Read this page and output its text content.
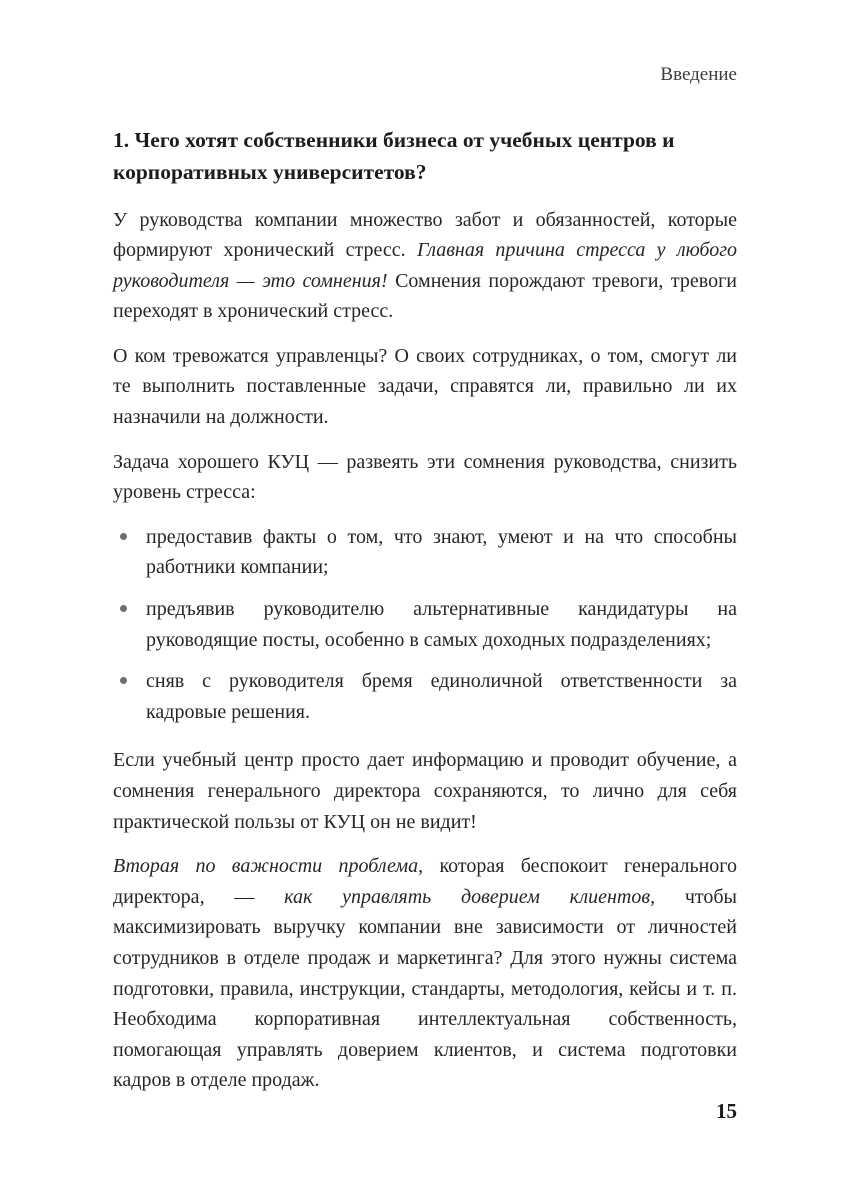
Введение
1. Чего хотят собственники бизнеса от учебных центров и корпоративных университетов?

У руководства компании множество забот и обязанностей, которые формируют хронический стресс. Главная причина стресса у любого руководителя — это сомнения! Сомнения порождают тревоги, тревоги переходят в хронический стресс.

О ком тревожатся управленцы? О своих сотрудниках, о том, смогут ли те выполнить поставленные задачи, справятся ли, правильно ли их назначили на должности.

Задача хорошего КУЦ — развеять эти сомнения руководства, снизить уровень стресса:

предоставив факты о том, что знают, умеют и на что способны работники компании;
предъявив руководителю альтернативные кандидатуры на руководящие посты, особенно в самых доходных подразделениях;
сняв с руководителя бремя единоличной ответственности за кадровые решения.

Если учебный центр просто дает информацию и проводит обучение, а сомнения генерального директора сохраняются, то лично для себя практической пользы от КУЦ он не видит!

Вторая по важности проблема, которая беспокоит генерального директора, — как управлять доверием клиентов, чтобы максимизировать выручку компании вне зависимости от личностей сотрудников в отделе продаж и маркетинга? Для этого нужны система подготовки, правила, инструкции, стандарты, методология, кейсы и т. п. Необходима корпоративная интеллектуальная собственность, помогающая управлять доверием клиентов, и система подготовки кадров в отделе продаж.

15
